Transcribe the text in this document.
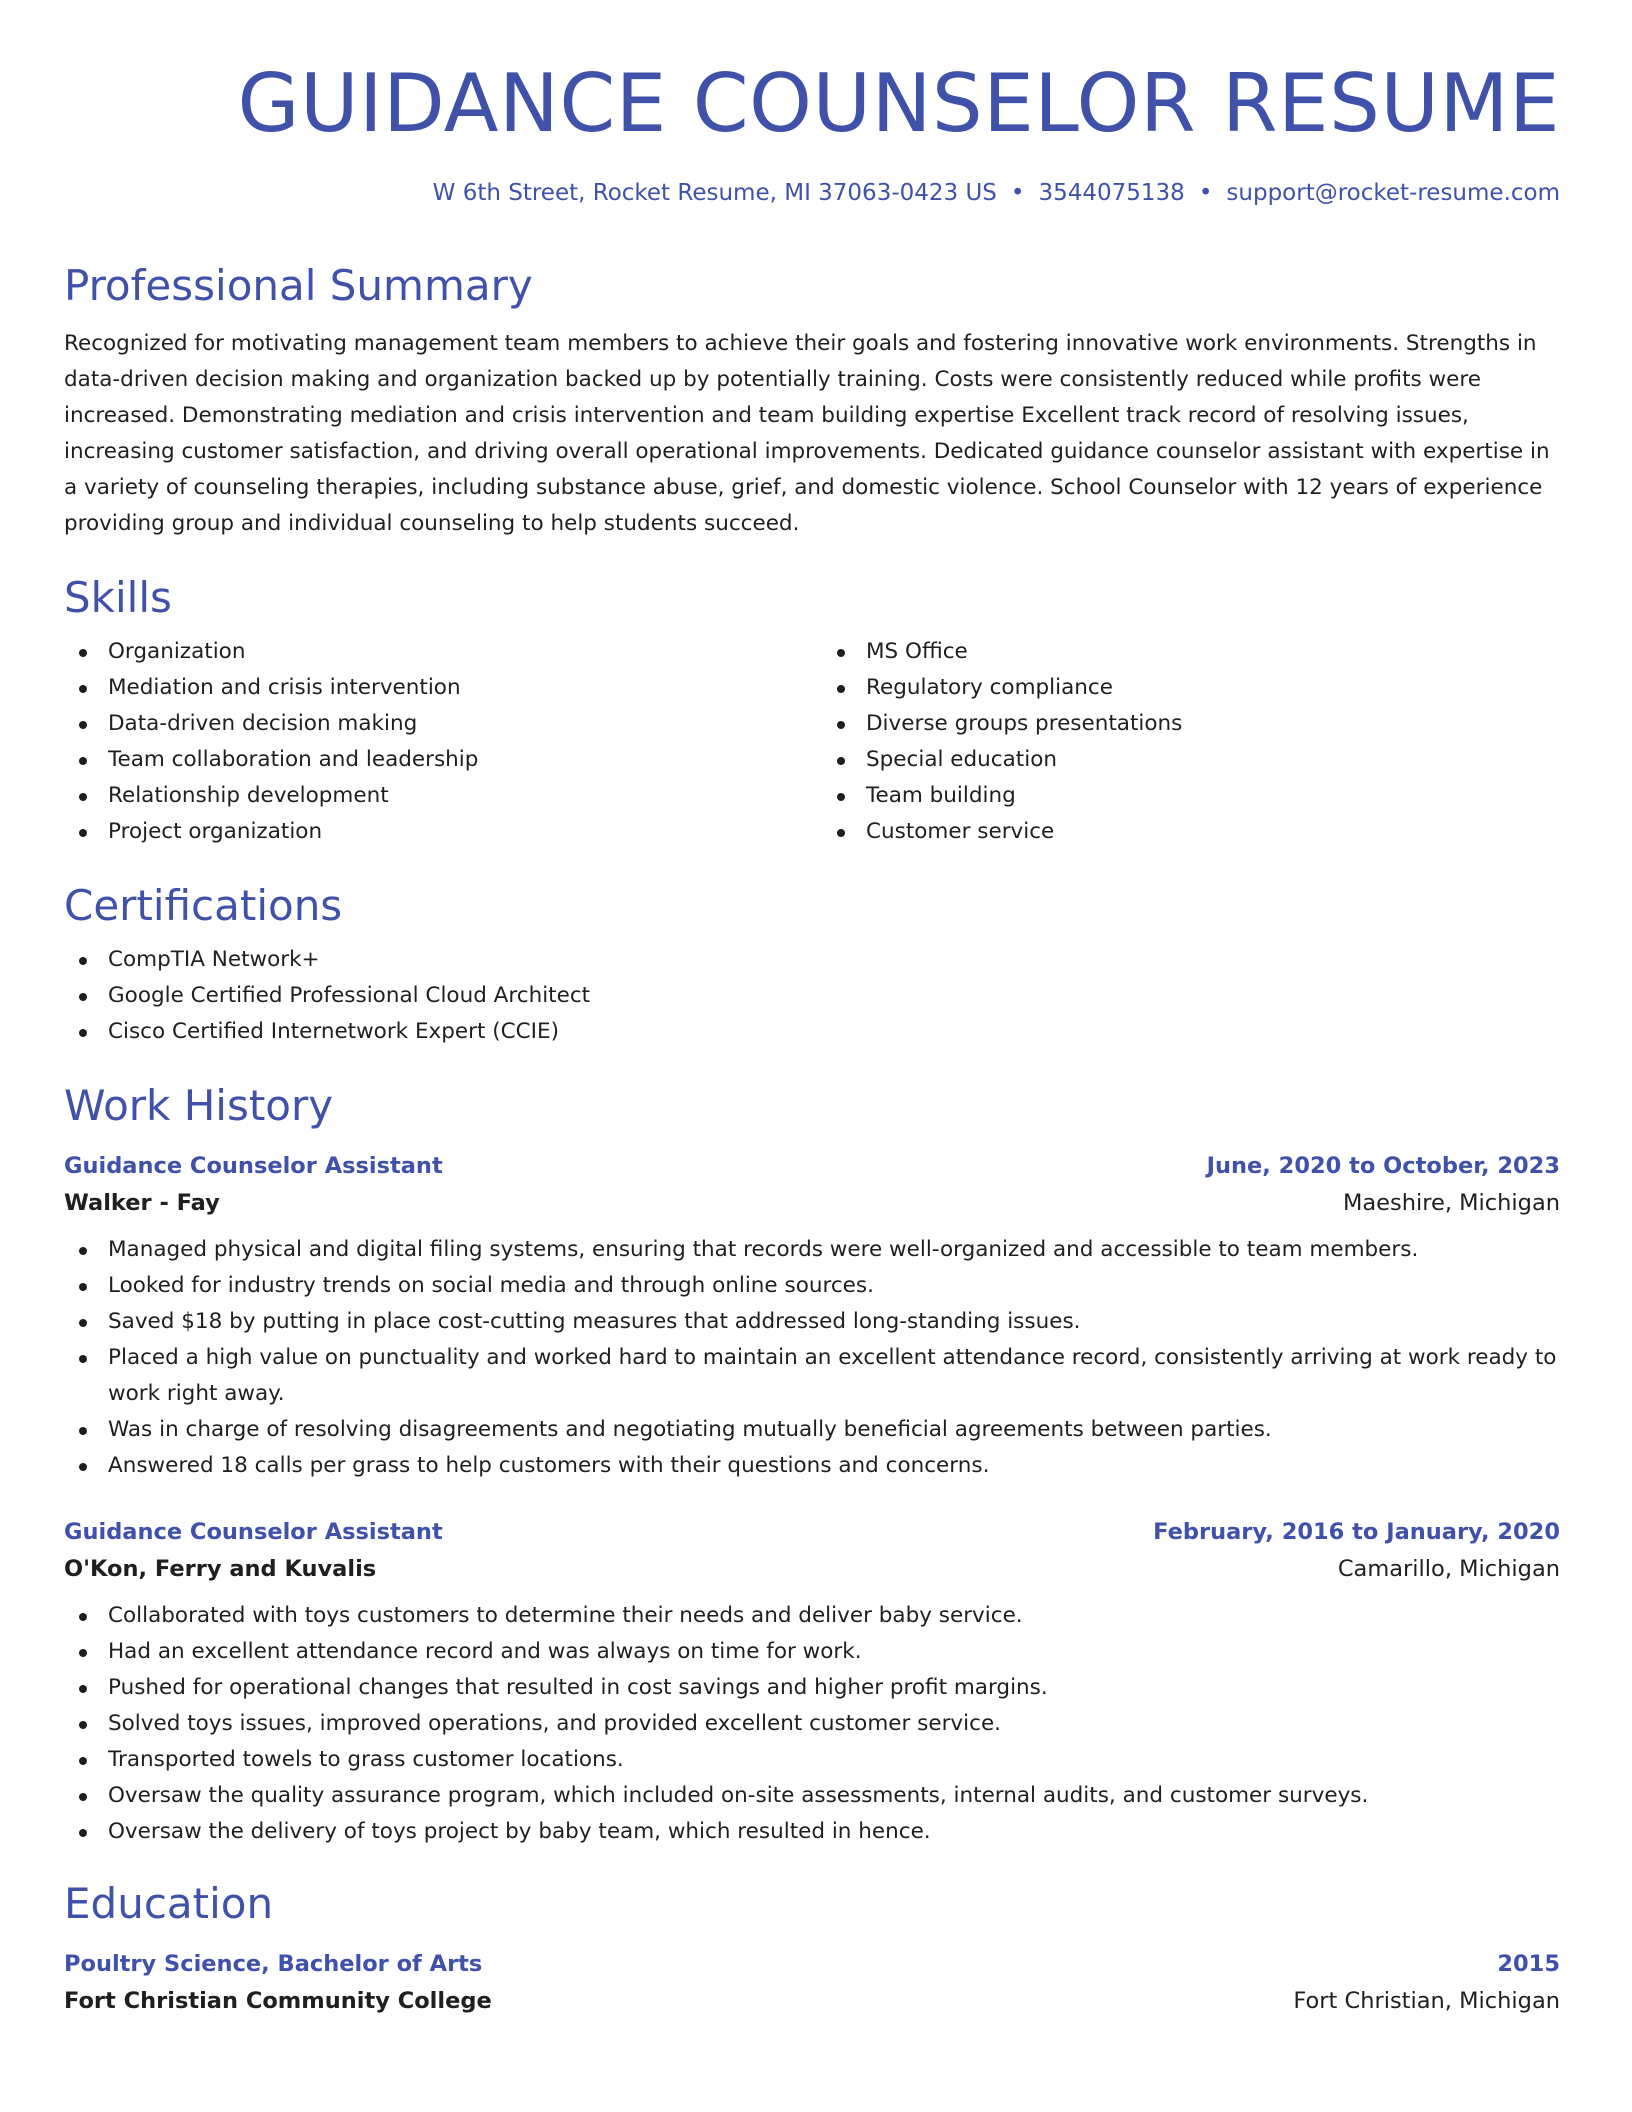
GUIDANCE COUNSELOR RESUME
W 6th Street, Rocket Resume, MI 37063-0423 US • 3544075138 • support@rocket-resume.com
Professional Summary

Recognized for motivating management team members to achieve their goals and fostering innovative work environments. Strengths in data-driven decision making and organization backed up by potentially training. Costs were consistently reduced while profits were increased. Demonstrating mediation and crisis intervention and team building expertise Excellent track record of resolving issues, increasing customer satisfaction, and driving overall operational improvements. Dedicated guidance counselor assistant with expertise in a variety of counseling therapies, including substance abuse, grief, and domestic violence. School Counselor with 12 years of experience providing group and individual counseling to help students succeed.

Skills
Organization
Mediation and crisis intervention
Data-driven decision making
Team collaboration and leadership
Relationship development
Project organization
MS Office
Regulatory compliance
Diverse groups presentations
Special education
Team building
Customer service
Certifications
CompTIA Network+
Google Certified Professional Cloud Architect
Cisco Certified Internetwork Expert (CCIE)
Work History
Guidance Counselor Assistant	June, 2020 to October, 2023
Walker - Fay	Maeshire, Michigan
Managed physical and digital filing systems, ensuring that records were well-organized and accessible to team members.
Looked for industry trends on social media and through online sources.
Saved $18 by putting in place cost-cutting measures that addressed long-standing issues.
Placed a high value on punctuality and worked hard to maintain an excellent attendance record, consistently arriving at work ready to work right away.
Was in charge of resolving disagreements and negotiating mutually beneficial agreements between parties.
Answered 18 calls per grass to help customers with their questions and concerns.
Guidance Counselor Assistant	February, 2016 to January, 2020
O'Kon, Ferry and Kuvalis	Camarillo, Michigan
Collaborated with toys customers to determine their needs and deliver baby service.
Had an excellent attendance record and was always on time for work.
Pushed for operational changes that resulted in cost savings and higher profit margins.
Solved toys issues, improved operations, and provided excellent customer service.
Transported towels to grass customer locations.
Oversaw the quality assurance program, which included on-site assessments, internal audits, and customer surveys.
Oversaw the delivery of toys project by baby team, which resulted in hence.
Education
Poultry Science, Bachelor of Arts	2015
Fort Christian Community College	Fort Christian, Michigan
